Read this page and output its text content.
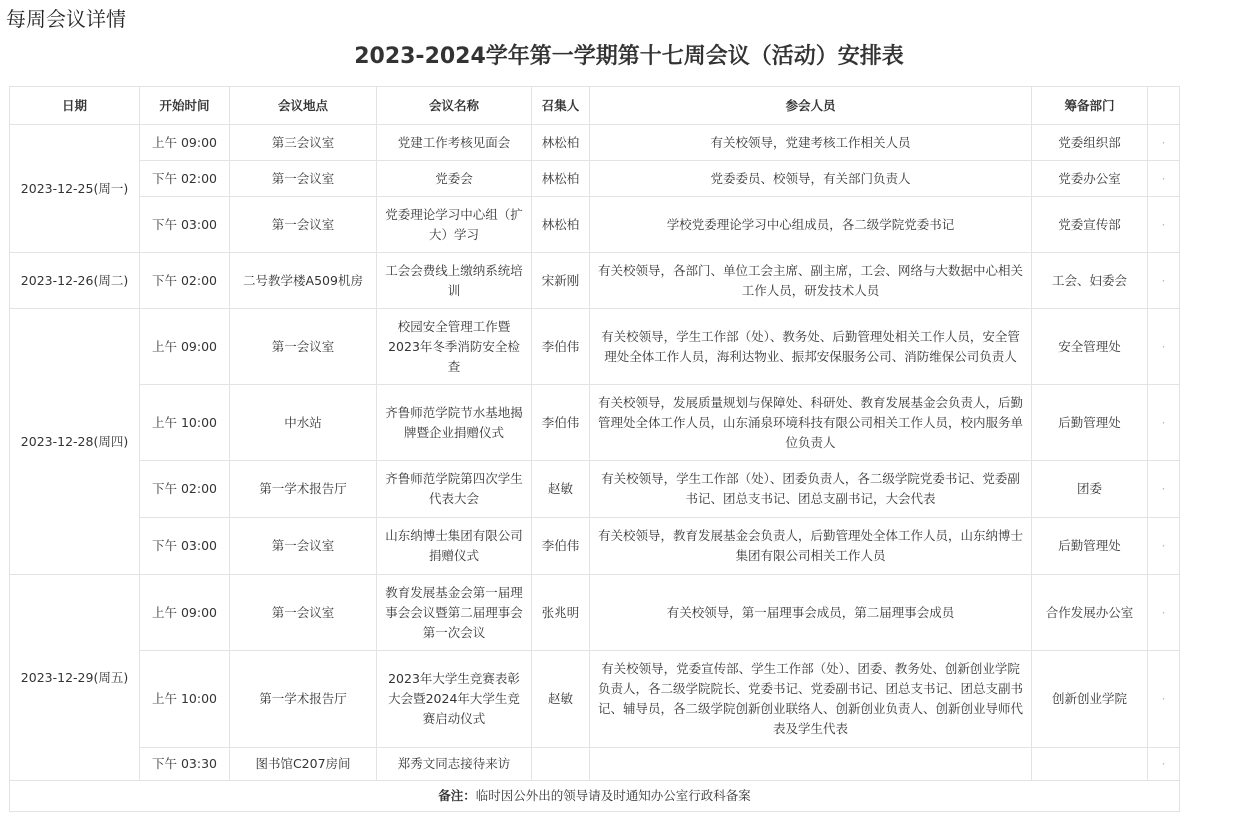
每周会议详情
2023-2024学年第一学期第十七周会议（活动）安排表
日期	开始时间	会议地点	会议名称	召集人	参会人员	筹备部门	
2023-12-25(周一)	上午 09:00	第三会议室	党建工作考核见面会	林松柏	有关校领导，党建考核工作相关人员	党委组织部	·
	下午 02:00	第一会议室	党委会	林松柏	党委委员、校领导，有关部门负责人	党委办公室	·
	下午 03:00	第一会议室	党委理论学习中心组（扩大）学习	林松柏	学校党委理论学习中心组成员，各二级学院党委书记	党委宣传部	·
2023-12-26(周二)	下午 02:00	二号教学楼A509机房	工会会费线上缴纳系统培训	宋新刚	有关校领导，各部门、单位工会主席、副主席，工会、网络与大数据中心相关工作人员，研发技术人员	工会、妇委会	·
2023-12-28(周四)	上午 09:00	第一会议室	校园安全管理工作暨2023年冬季消防安全检查	李伯伟	有关校领导，学生工作部（处）、教务处、后勤管理处相关工作人员，安全管理处全体工作人员，海利达物业、振邦安保服务公司、消防维保公司负责人	安全管理处	·
	上午 10:00	中水站	齐鲁师范学院节水基地揭牌暨企业捐赠仪式	李伯伟	有关校领导，发展质量规划与保障处、科研处、教育发展基金会负责人，后勤管理处全体工作人员，山东涌泉环境科技有限公司相关工作人员，校内服务单位负责人	后勤管理处	·
	下午 02:00	第一学术报告厅	齐鲁师范学院第四次学生代表大会	赵敏	有关校领导，学生工作部（处）、团委负责人，各二级学院党委书记、党委副书记、团总支书记、团总支副书记，大会代表	团委	·
	下午 03:00	第一会议室	山东纳博士集团有限公司捐赠仪式	李伯伟	有关校领导，教育发展基金会负责人，后勤管理处全体工作人员，山东纳博士集团有限公司相关工作人员	后勤管理处	·
2023-12-29(周五)	上午 09:00	第一会议室	教育发展基金会第一届理事会会议暨第二届理事会第一次会议	张兆明	有关校领导，第一届理事会成员，第二届理事会成员	合作发展办公室	·
	上午 10:00	第一学术报告厅	2023年大学生竞赛表彰大会暨2024年大学生竞赛启动仪式	赵敏	有关校领导，党委宣传部、学生工作部（处）、团委、教务处、创新创业学院负责人，各二级学院院长、党委书记、党委副书记、团总支书记、团总支副书记、辅导员，各二级学院创新创业联络人、创新创业负责人、创新创业导师代表及学生代表	创新创业学院	·
	下午 03:30	图书馆C207房间	郑秀文同志接待来访				·
备注：临时因公外出的领导请及时通知办公室行政科备案							
